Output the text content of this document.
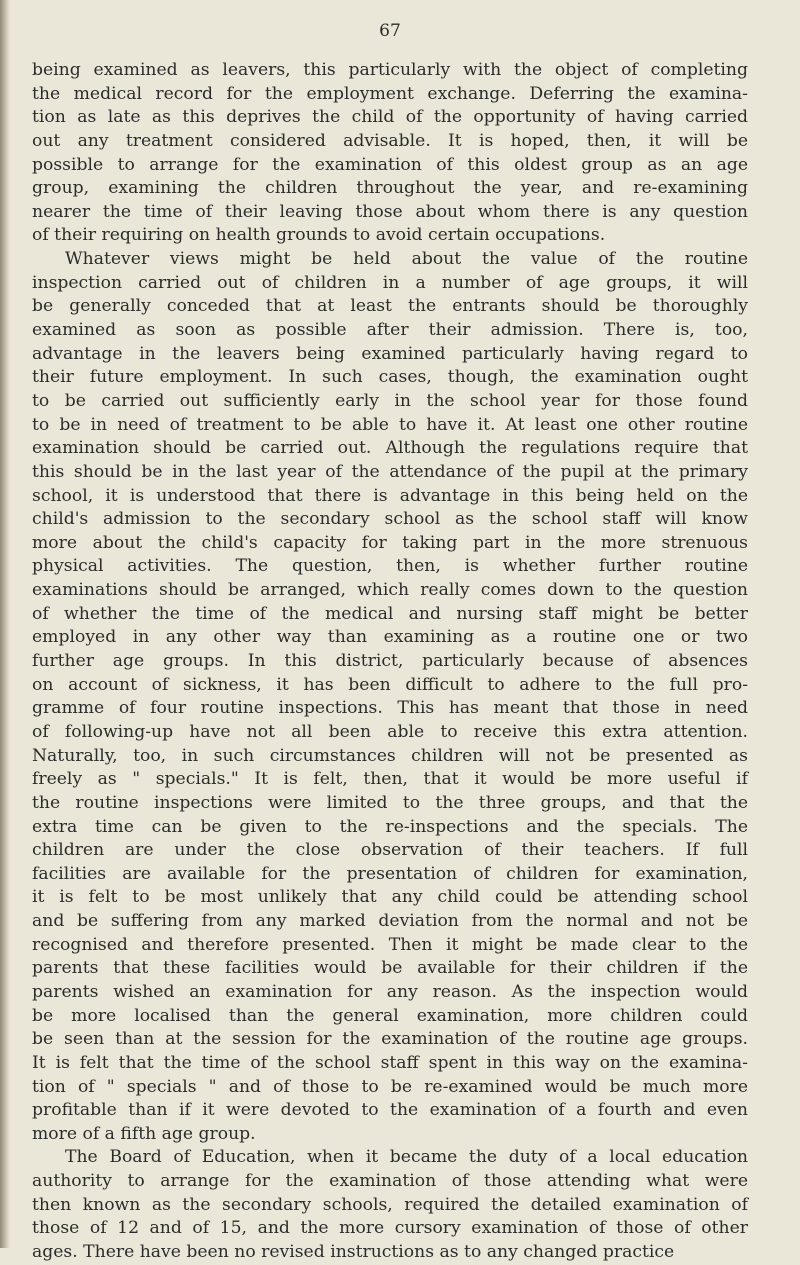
67
being examined as leavers, this particularly with the object of completing
the medical record for the employment exchange. Deferring the examina-
tion as late as this deprives the child of the opportunity of having carried
out any treatment considered advisable. It is hoped, then, it will be
possible to arrange for the examination of this oldest group as an age
group, examining the children throughout the year, and re-examining
nearer the time of their leaving those about whom there is any question
of their requiring on health grounds to avoid certain occupations.
Whatever views might be held about the value of the routine
inspection carried out of children in a number of age groups, it will
be generally conceded that at least the entrants should be thoroughly
examined as soon as possible after their admission. There is, too,
advantage in the leavers being examined particularly having regard to
their future employment. In such cases, though, the examination ought
to be carried out sufficiently early in the school year for those found
to be in need of treatment to be able to have it. At least one other routine
examination should be carried out. Although the regulations require that
this should be in the last year of the attendance of the pupil at the primary
school, it is understood that there is advantage in this being held on the
child's admission to the secondary school as the school staff will know
more about the child's capacity for taking part in the more strenuous
physical activities. The question, then, is whether further routine
examinations should be arranged, which really comes down to the question
of whether the time of the medical and nursing staff might be better
employed in any other way than examining as a routine one or two
further age groups. In this district, particularly because of absences
on account of sickness, it has been difficult to adhere to the full pro-
gramme of four routine inspections. This has meant that those in need
of following-up have not all been able to receive this extra attention.
Naturally, too, in such circumstances children will not be presented as
freely as " specials." It is felt, then, that it would be more useful if
the routine inspections were limited to the three groups, and that the
extra time can be given to the re-inspections and the specials. The
children are under the close observation of their teachers. If full
facilities are available for the presentation of children for examination,
it is felt to be most unlikely that any child could be attending school
and be suffering from any marked deviation from the normal and not be
recognised and therefore presented. Then it might be made clear to the
parents that these facilities would be available for their children if the
parents wished an examination for any reason. As the inspection would
be more localised than the general examination, more children could
be seen than at the session for the examination of the routine age groups.
It is felt that the time of the school staff spent in this way on the examina-
tion of " specials " and of those to be re-examined would be much more
profitable than if it were devoted to the examination of a fourth and even
more of a fifth age group.
The Board of Education, when it became the duty of a local education
authority to arrange for the examination of those attending what were
then known as the secondary schools, required the detailed examination of
those of 12 and of 15, and the more cursory examination of those of other
ages. There have been no revised instructions as to any changed practice
